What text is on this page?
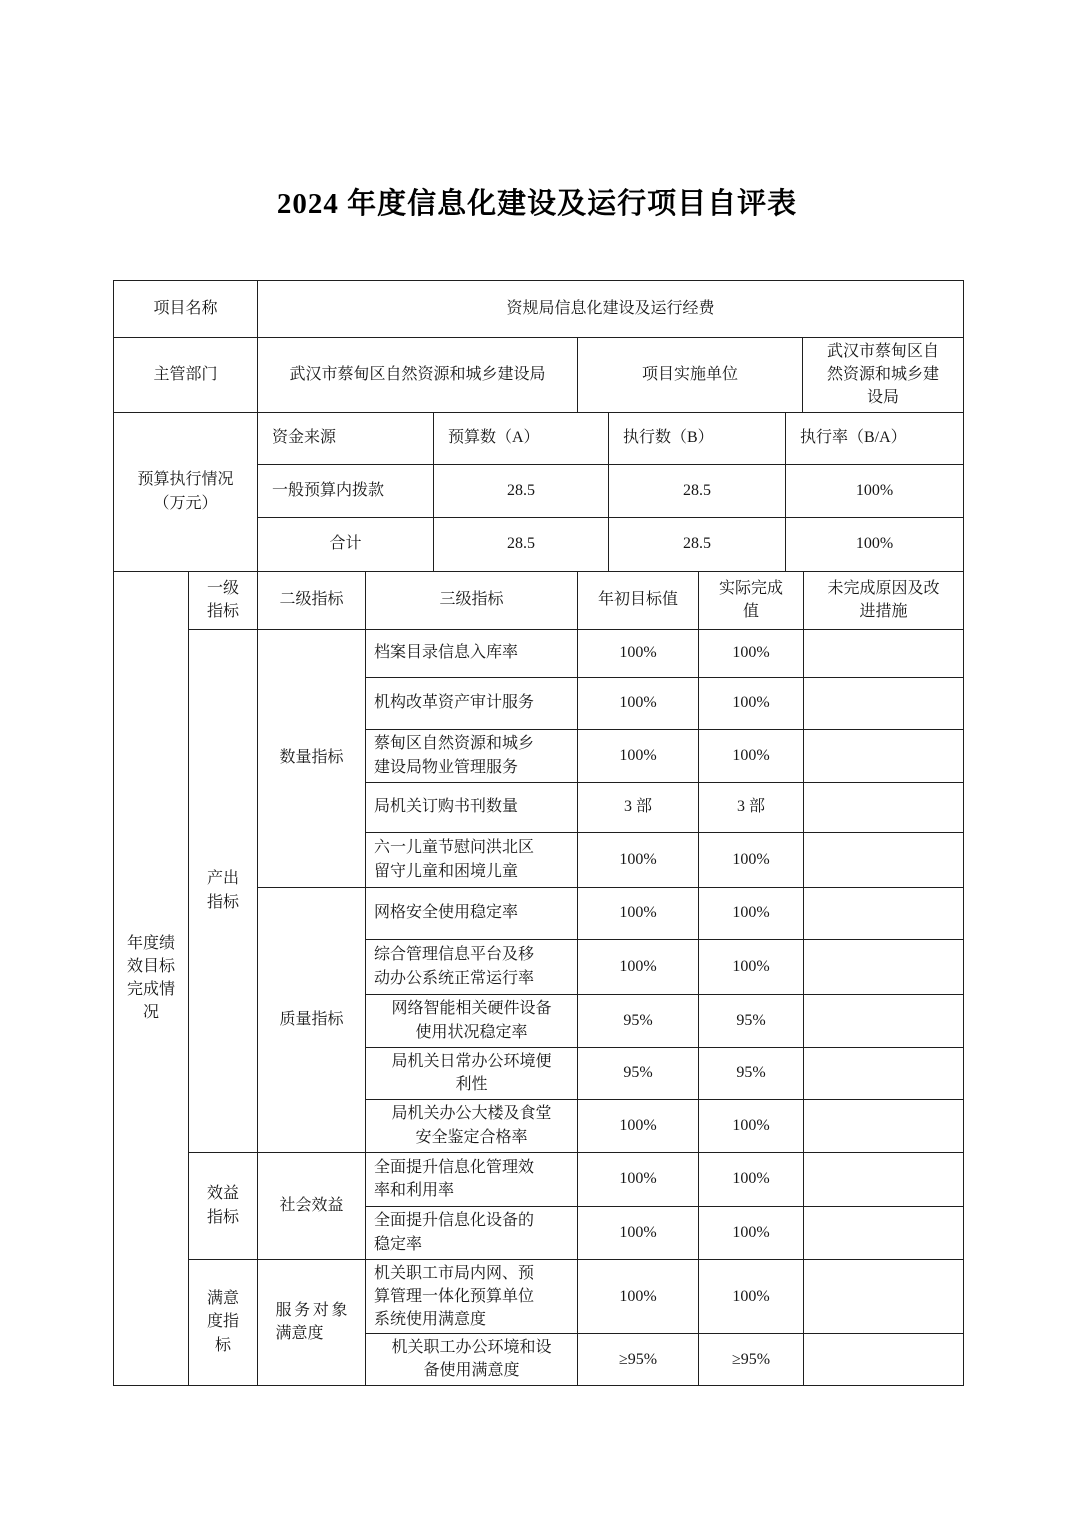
2024 年度信息化建设及运行项目自评表
项目名称	资规局信息化建设及运行经费		
主管部门	武汉市蔡甸区自然资源和城乡建设局	项目实施单位	武汉市蔡甸区自然资源和城乡建设局
预算执行情况（万元）	资金来源	预算数（A）	执行数（B）	执行率（B/A）
	一般预算内拨款	28.5	28.5	100%
	合计	28.5	28.5	100%
年度绩效目标完成情况	一级指标	二级指标	三级指标	年初目标值	实际完成值	未完成原因及改进措施
	产出指标	数量指标	档案目录信息入库率	100%	100%	
			机构改革资产审计服务	100%	100%	
			蔡甸区自然资源和城乡建设局物业管理服务	100%	100%	
			局机关订购书刊数量	3 部	3 部	
			六一儿童节慰问洪北区留守儿童和困境儿童	100%	100%	
		质量指标	网格安全使用稳定率	100%	100%	
			综合管理信息平台及移动办公系统正常运行率	100%	100%	
			网络智能相关硬件设备使用状况稳定率	95%	95%	
			局机关日常办公环境便利性	95%	95%	
			局机关办公大楼及食堂安全鉴定合格率	100%	100%	
	效益指标	社会效益	全面提升信息化管理效率和利用率	100%	100%	
			全面提升信息化设备的稳定率	100%	100%	
	满意度指标	服务对象满意度	机关职工市局内网、预算管理一体化预算单位系统使用满意度	100%	100%	
			机关职工办公环境和设备使用满意度	≥95%	≥95%	
